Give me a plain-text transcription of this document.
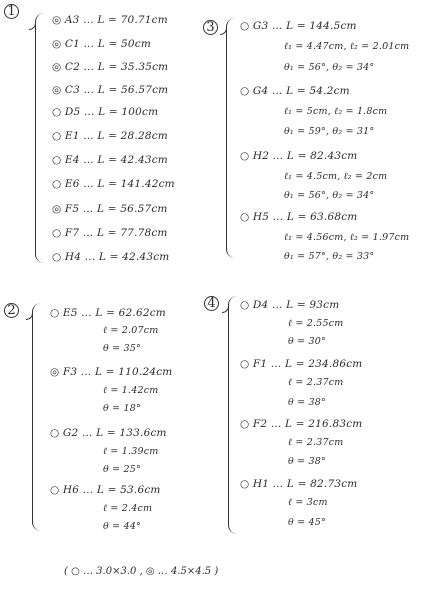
1
◎ A3 … L = 70.71cm
◎ C1 … L = 50cm
◎ C2 … L = 35.35cm
◎ C3 … L = 56.57cm
○ D5 … L = 100cm
○ E1 … L = 28.28cm
○ E4 … L = 42.43cm
○ E6 … L = 141.42cm
◎ F5 … L = 56.57cm
○ F7 … L = 77.78cm
○ H4 … L = 42.43cm
3	○ G3 … L = 144.5cm
ℓ₁ = 4.47cm, ℓ₂ = 2.01cm
θ₁ = 56°, θ₂ = 34°
○ G4 … L = 54.2cm
ℓ₁ = 5cm, ℓ₂ = 1.8cm
θ₁ = 59°, θ₂ = 31°
○ H2 … L = 82.43cm
ℓ₁ = 4.5cm, ℓ₂ = 2cm
θ₁ = 56°, θ₂ = 34°
○ H5 … L = 63.68cm
ℓ₁ = 4.56cm, ℓ₂ = 1.97cm
θ₁ = 57°, θ₂ = 33°
2	○ E5 … L = 62.62cm
ℓ = 2.07cm
θ = 35°
◎ F3 … L = 110.24cm
ℓ = 1.42cm
θ = 18°
○ G2 … L = 133.6cm
ℓ = 1.39cm
θ = 25°
○ H6 … L = 53.6cm
ℓ = 2.4cm
θ = 44°
4	○ D4 … L = 93cm
ℓ = 2.55cm
θ = 30°
○ F1 … L = 234.86cm
ℓ = 2.37cm
θ = 38°
○ F2 … L = 216.83cm
ℓ = 2.37cm
θ = 38°
○ H1 … L = 82.73cm
ℓ = 3cm
θ = 45°
( ○ … 3.0×3.0 , ◎ … 4.5×4.5 )
